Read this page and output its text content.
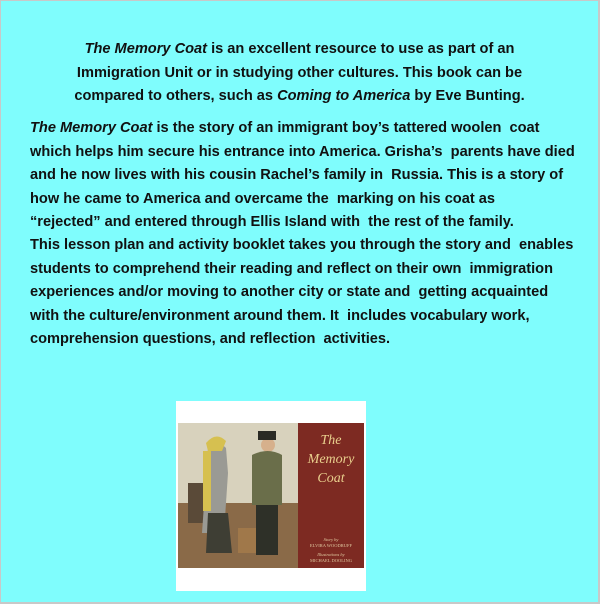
The Memory Coat is an excellent resource to use as part of an
Immigration Unit or in studying other cultures. This book can be
compared to others, such as Coming to America by Eve Bunting.
The Memory Coat is the story of an immigrant boy’s tattered woolen  coat
which helps him secure his entrance into America. Grisha’s  parents have died
and he now lives with his cousin Rachel’s family in  Russia. This is a story of
how he came to America and overcame the  marking on his coat as
“rejected” and entered through Ellis Island with  the rest of the family.
This lesson plan and activity booklet takes you through the story and  enables
students to comprehend their reading and reflect on their own  immigration
experiences and/or moving to another city or state and  getting acquainted
with the culture/environment around them. It  includes vocabulary work,
comprehension questions, and reflection  activities.
The
Memory
Coat
Story by
ELVIRA WOODRUFF
Illustrations by
MICHAEL DOOLING
